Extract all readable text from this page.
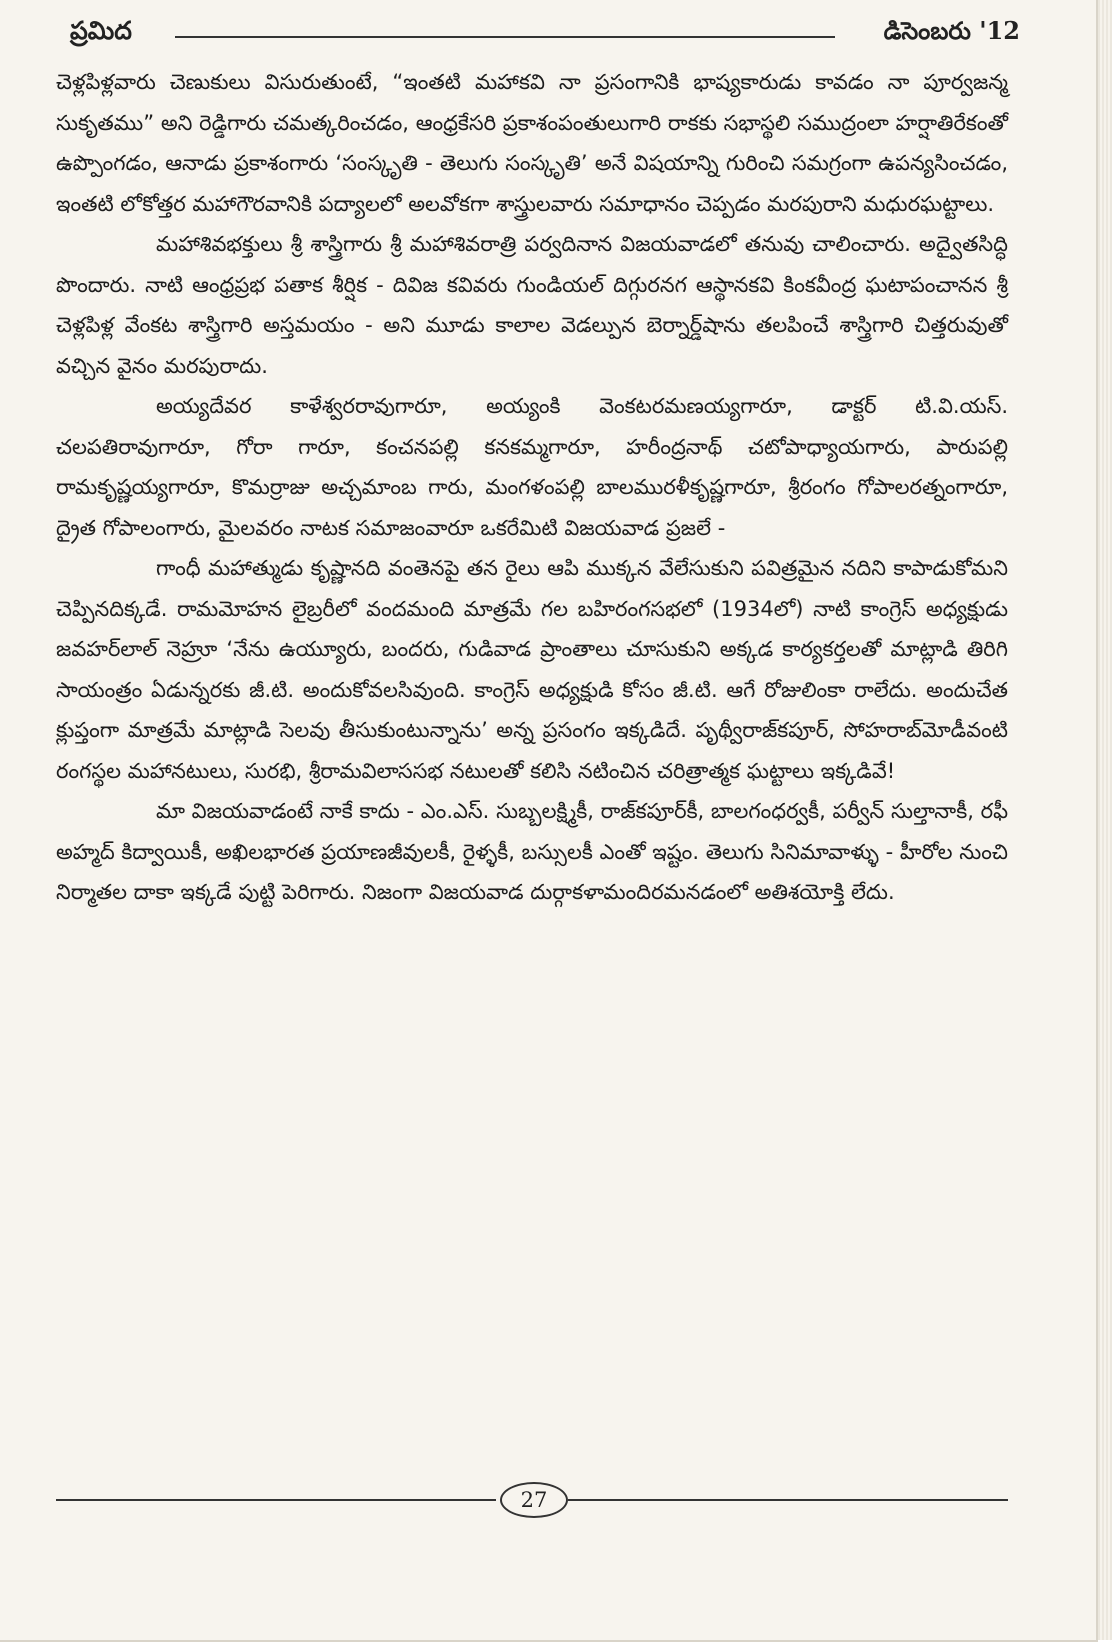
ప్రమిద	డిసెంబరు '12

చెళ్లపిళ్లవారు చెణుకులు విసురుతుంటే, “ఇంతటి మహాకవి నా ప్రసంగానికి భాష్యకారుడు కావడం నా పూర్వజన్మ సుకృతము” అని రెడ్డిగారు చమత్కరించడం, ఆంధ్రకేసరి ప్రకాశంపంతులుగారి రాకకు సభాస్థలి సముద్రంలా హర్షాతిరేకంతో ఉప్పొంగడం, ఆనాడు ప్రకాశంగారు ‘సంస్కృతి - తెలుగు సంస్కృతి’ అనే విషయాన్ని గురించి సమగ్రంగా ఉపన్యసించడం, ఇంతటి లోకోత్తర మహాగౌరవానికి పద్యాలలో అలవోకగా శాస్త్రులవారు సమాధానం చెప్పడం మరపురాని మధురఘట్టాలు.

మహాశివభక్తులు శ్రీ శాస్త్రిగారు శ్రీ మహాశివరాత్రి పర్వదినాన విజయవాడలో తనువు చాలించారు. అద్వైతసిద్ధి పొందారు. నాటి ఆంధ్రప్రభ పతాక శీర్షిక - దివిజ కవివరు గుండియల్ దిగ్గురనగ ఆస్థానకవి కింకవీంద్ర ఘటాపంచానన శ్రీ చెళ్లపిళ్ల వేంకట శాస్త్రిగారి అస్తమయం - అని మూడు కాలాల వెడల్పున బెర్నార్డ్‌షాను తలపించే శాస్త్రిగారి చిత్తరువుతో వచ్చిన వైనం మరపురాదు.

అయ్యదేవర కాళేశ్వరరావుగారూ, అయ్యంకి వెంకటరమణయ్యగారూ, డాక్టర్ టి.వి.యస్. చలపతిరావుగారూ, గోరా గారూ, కంచనపల్లి కనకమ్మగారూ, హరీంద్రనాథ్ చటోపాధ్యాయగారు, పారుపల్లి రామకృష్ణయ్యగారూ, కొమర్రాజు అచ్చమాంబ గారు, మంగళంపల్లి బాలమురళీకృష్ణగారూ, శ్రీరంగం గోపాలరత్నంగారూ, ద్రైత గోపాలంగారు, మైలవరం నాటక సమాజంవారూ ఒకరేమిటి విజయవాడ ప్రజలే -

గాంధీ మహాత్ముడు కృష్ణానది వంతెనపై తన రైలు ఆపి ముక్కన వేలేసుకుని పవిత్రమైన నదిని కాపాడుకోమని చెప్పినదిక్కడే. రామమోహన లైబ్రరీలో వందమంది మాత్రమే గల బహిరంగసభలో (1934లో) నాటి కాంగ్రెస్ అధ్యక్షుడు జవహర్‌లాల్ నెహ్రూ ‘నేను ఉయ్యూరు, బందరు, గుడివాడ ప్రాంతాలు చూసుకుని అక్కడ కార్యకర్తలతో మాట్లాడి తిరిగి సాయంత్రం ఏడున్నరకు జీ.టి. అందుకోవలసివుంది. కాంగ్రెస్ అధ్యక్షుడి కోసం జీ.టి. ఆగే రోజులింకా రాలేదు. అందుచేత క్లుప్తంగా మాత్రమే మాట్లాడి సెలవు తీసుకుంటున్నాను’ అన్న ప్రసంగం ఇక్కడిదే. పృథ్వీరాజ్‌కపూర్, సోహరాబ్‌మోడీవంటి రంగస్థల మహానటులు, సురభి, శ్రీరామవిలాససభ నటులతో కలిసి నటించిన చరిత్రాత్మక ఘట్టాలు ఇక్కడివే!

మా విజయవాడంటే నాకే కాదు - ఎం.ఎస్. సుబ్బలక్ష్మికీ, రాజ్‌కపూర్‌కీ, బాలగంధర్వకీ, పర్వీన్ సుల్తానాకీ, రఫీ అహ్మద్ కిద్వాయికీ, అఖిలభారత ప్రయాణజీవులకీ, రైళ్ళకీ, బస్సులకీ ఎంతో ఇష్టం. తెలుగు సినిమావాళ్ళు - హీరోల నుంచి నిర్మాతల దాకా ఇక్కడే పుట్టి పెరిగారు. నిజంగా విజయవాడ దుర్గాకళామందిరమనడంలో అతిశయోక్తి లేదు.

27
